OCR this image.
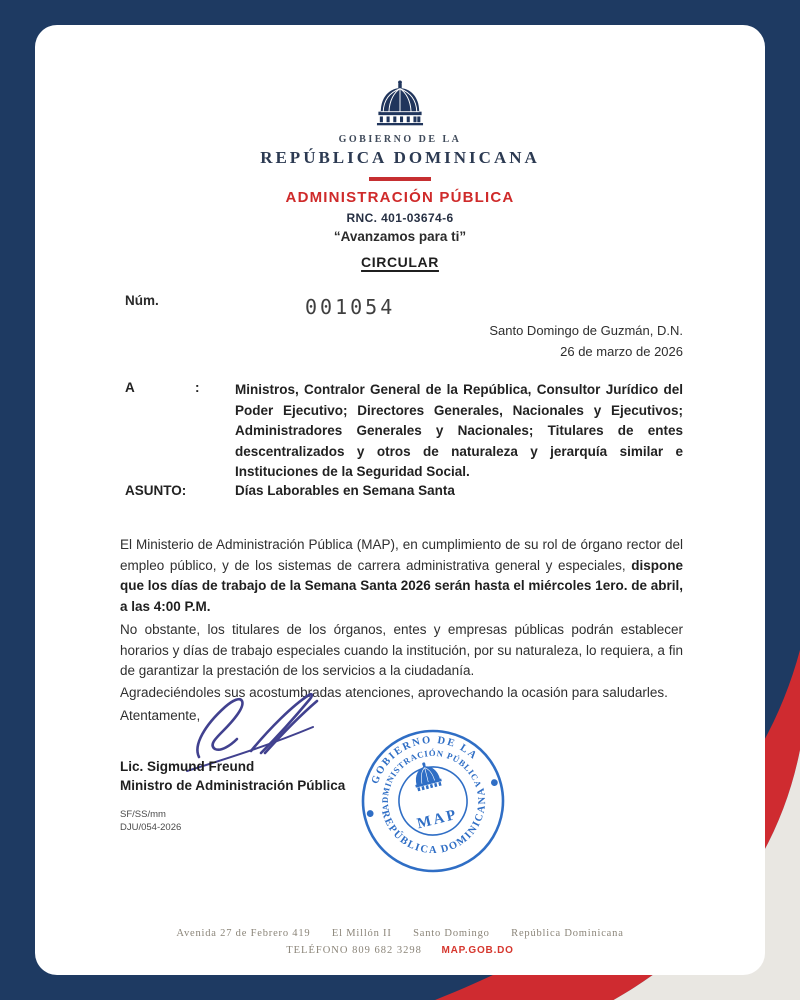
GOBIERNO DE LA
REPÚBLICA DOMINICANA
ADMINISTRACIÓN PÚBLICA
RNC. 401-03674-6
“Avanzamos para ti”
CIRCULAR
Núm.	001054
Santo Domingo de Guzmán, D.N.
26 de marzo de 2026
A	:	Ministros, Contralor General de la República, Consultor Jurídico del Poder Ejecutivo; Directores Generales, Nacionales y Ejecutivos; Administradores Generales y Nacionales; Titulares de entes descentralizados y otros de naturaleza y jerarquía similar e Instituciones de la Seguridad Social.
ASUNTO:	Días Laborables en Semana Santa

El Ministerio de Administración Pública (MAP), en cumplimiento de su rol de órgano rector del empleo público, y de los sistemas de carrera administrativa general y especiales, dispone que los días de trabajo de la Semana Santa 2026 serán hasta el miércoles 1ero. de abril, a las 4:00 P.M.

No obstante, los titulares de los órganos, entes y empresas públicas podrán establecer horarios y días de trabajo especiales cuando la institución, por su naturaleza, lo requiera, a fin de garantizar la prestación de los servicios a la ciudadanía.

Agradeciéndoles sus acostumbradas atenciones, aprovechando la ocasión para saludarles.

Atentamente,
Lic. Sigmund Freund
Ministro de Administración Pública
SF/SS/mm
DJU/054-2026
GOBIERNO DE LA
ADMINISTRACIÓN PÚBLICA
REPÚBLICA DOMINICANA
MAP
Avenida 27 de Febrero 419 El Millón II Santo Domingo República Dominicana
TELÉFONO 809 682 3298 MAP.GOB.DO
